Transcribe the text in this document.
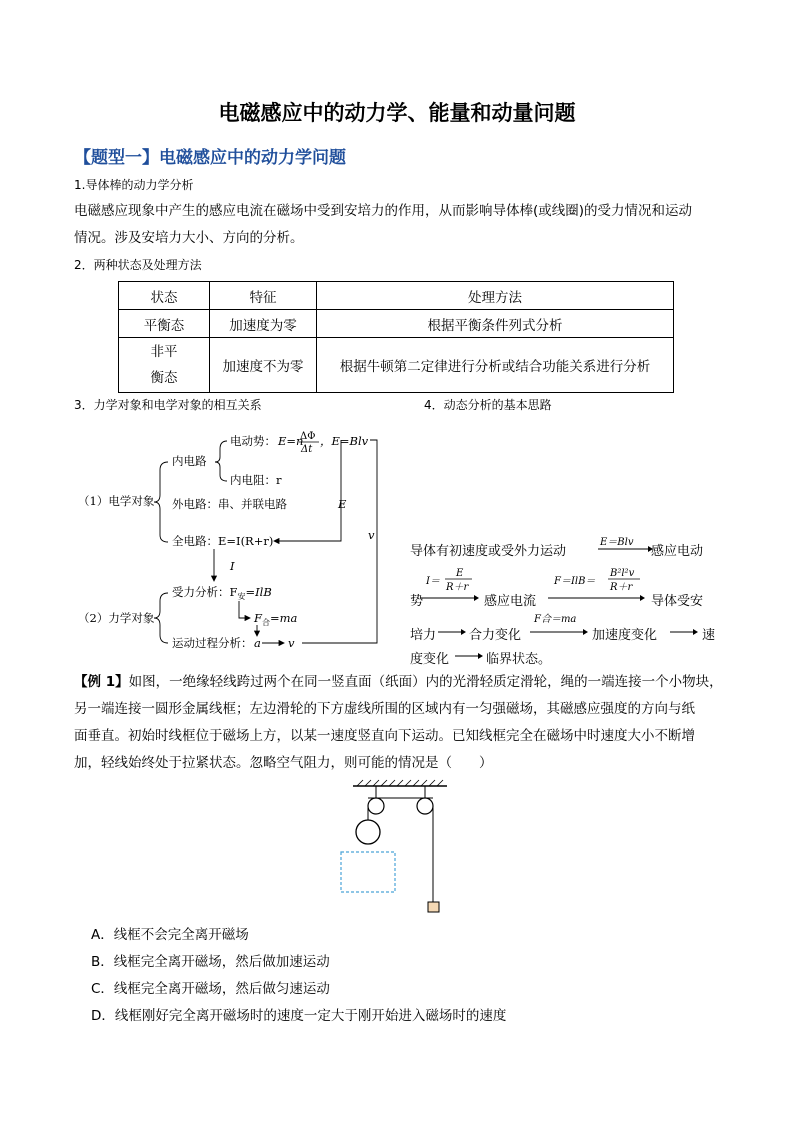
电磁感应中的动力学、能量和动量问题
【题型一】电磁感应中的动力学问题
1.导体棒的动力学分析
电磁感应现象中产生的感应电流在磁场中受到安培力的作用，从而影响导体棒(或线圈)的受力情况和运动
情况。涉及安培力大小、方向的分析。
2．两种状态及处理方法
状态	特征	处理方法
平衡态	加速度为零	根据平衡条件列式分析

非平
衡态	加速度不为零	根据牛顿第二定律进行分析或结合功能关系进行分析
3．力学对象和电学对象的相互关系	4．动态分析的基本思路
（1）电学对象
内电路
电动势： E=n
ΔΦ
Δt
，E=Blv
内电阻：r
外电路：串、并联电路	E
v
全电路：E=I(R+r)
I
（2）力学对象
受力分析：$F_安=IlB$
$F_合=ma$
运动过程分析： a v
导体有初速度或受外力运动
E＝Blv
感应电动
势
I＝
E
R＋r
感应电流
F＝IlB＝
B²l²v
R＋r
导体受安
培力	合力变化
F合＝ma
加速度变化	速
度变化	临界状态。
【例 1】如图，一绝缘轻线跨过两个在同一竖直面（纸面）内的光滑轻质定滑轮，绳的一端连接一个小物块，
另一端连接一圆形金属线框；左边滑轮的下方虚线所围的区域内有一匀强磁场，其磁感应强度的方向与纸
面垂直。初始时线框位于磁场上方，以某一速度竖直向下运动。已知线框完全在磁场中时速度大小不断增
加，轻线始终处于拉紧状态。忽略空气阻力，则可能的情况是（　　）
A．线框不会完全离开磁场
B．线框完全离开磁场，然后做加速运动
C．线框完全离开磁场，然后做匀速运动
D．线框刚好完全离开磁场时的速度一定大于刚开始进入磁场时的速度
